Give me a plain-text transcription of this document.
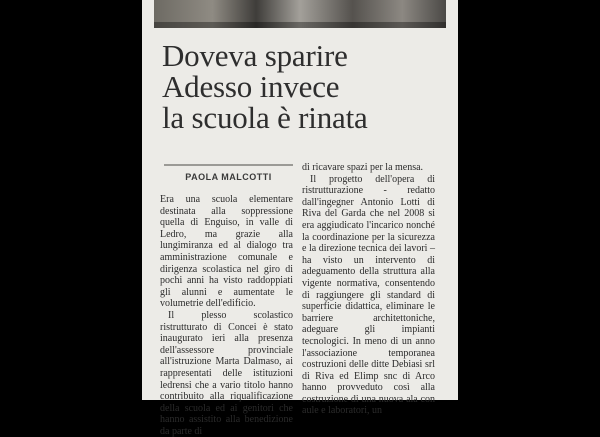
Doveva sparire
Adesso invece
la scuola è rinata
PAOLA MALCOTTI

Era una scuola elementare destinata alla soppressione quella di Enguiso, in valle di Ledro, ma grazie alla lungimiranza ed al dialogo tra amministrazione comunale e dirigenza scolastica nel giro di pochi anni ha visto raddoppiati gli alunni e aumentate le volumetrie dell'edificio.

Il plesso scolastico ristrutturato di Concei è stato inaugurato ieri alla presenza dell'assessore provinciale all'istruzione Marta Dalmaso, ai rappresentati delle istituzioni ledrensi che a vario titolo hanno contribuito alla riqualificazione della scuola ed ai genitori che hanno assistito alla benedizione da parte di

di ricavare spazi per la mensa.

Il progetto dell'opera di ristrutturazione - redatto dall'ingegner Antonio Lotti di Riva del Garda che nel 2008 si era aggiudicato l'incarico nonché la coordinazione per la sicurezza e la direzione tecnica dei lavori – ha visto un intervento di adeguamento della struttura alla vigente normativa, consentendo di raggiungere gli standard di superficie didattica, eliminare le barriere architettoniche, adeguare gli impianti tecnologici. In meno di un anno l'associazione temporanea costruzioni delle ditte Debiasi srl di Riva ed Elimp snc di Arco hanno provveduto così alla costruzione di una nuova ala con aule e laboratori, un
